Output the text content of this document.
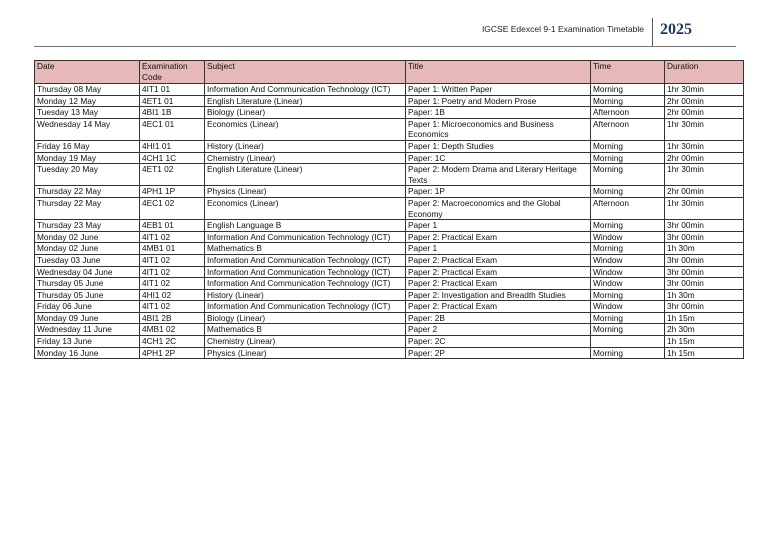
IGCSE Edexcel 9-1 Examination Timetable 2025
Date	Examination Code	Subject	Title	Time	Duration
Thursday 08 May	4IT1 01	Information And Communication Technology (ICT)	Paper 1: Written Paper	Morning	1hr 30min
Monday 12 May	4ET1 01	English Literature (Linear)	Paper 1: Poetry and Modern Prose	Morning	2hr 00min
Tuesday 13 May	4BI1 1B	Biology (Linear)	Paper: 1B	Afternoon	2hr 00min
Wednesday 14 May	4EC1 01	Economics (Linear)	Paper 1: Microeconomics and Business Economics	Afternoon	1hr 30min
Friday 16 May	4HI1 01	History (Linear)	Paper 1: Depth Studies	Morning	1hr 30min
Monday 19 May	4CH1 1C	Chemistry (Linear)	Paper: 1C	Morning	2hr 00min
Tuesday 20 May	4ET1 02	English Literature (Linear)	Paper 2: Modern Drama and Literary Heritage Texts	Morning	1hr 30min
Thursday 22 May	4PH1 1P	Physics (Linear)	Paper: 1P	Morning	2hr 00min
Thursday 22 May	4EC1 02	Economics (Linear)	Paper 2: Macroeconomics and the Global Economy	Afternoon	1hr 30min
Thursday 23 May	4EB1 01	English Language B	Paper 1	Morning	3hr 00min
Monday 02 June	4IT1 02	Information And Communication Technology (ICT)	Paper 2: Practical Exam	Window	3hr 00min
Monday 02 June	4MB1 01	Mathematics B	Paper 1	Morning	1h 30m
Tuesday 03 June	4IT1 02	Information And Communication Technology (ICT)	Paper 2: Practical Exam	Window	3hr 00min
Wednesday 04 June	4IT1 02	Information And Communication Technology (ICT)	Paper 2: Practical Exam	Window	3hr 00min
Thursday 05 June	4IT1 02	Information And Communication Technology (ICT)	Paper 2: Practical Exam	Window	3hr 00min
Thursday 05 June	4HI1 02	History (Linear)	Paper 2: Investigation and Breadth Studies	Morning	1h 30m
Friday 06 June	4IT1 02	Information And Communication Technology (ICT)	Paper 2: Practical Exam	Window	3hr 00min
Monday 09 June	4BI1 2B	Biology (Linear)	Paper: 2B	Morning	1h 15m
Wednesday 11 June	4MB1 02	Mathematics B	Paper 2	Morning	2h 30m
Friday 13 June	4CH1 2C	Chemistry (Linear)	Paper: 2C		1h 15m
Monday 16 June	4PH1 2P	Physics (Linear)	Paper: 2P	Morning	1h 15m
